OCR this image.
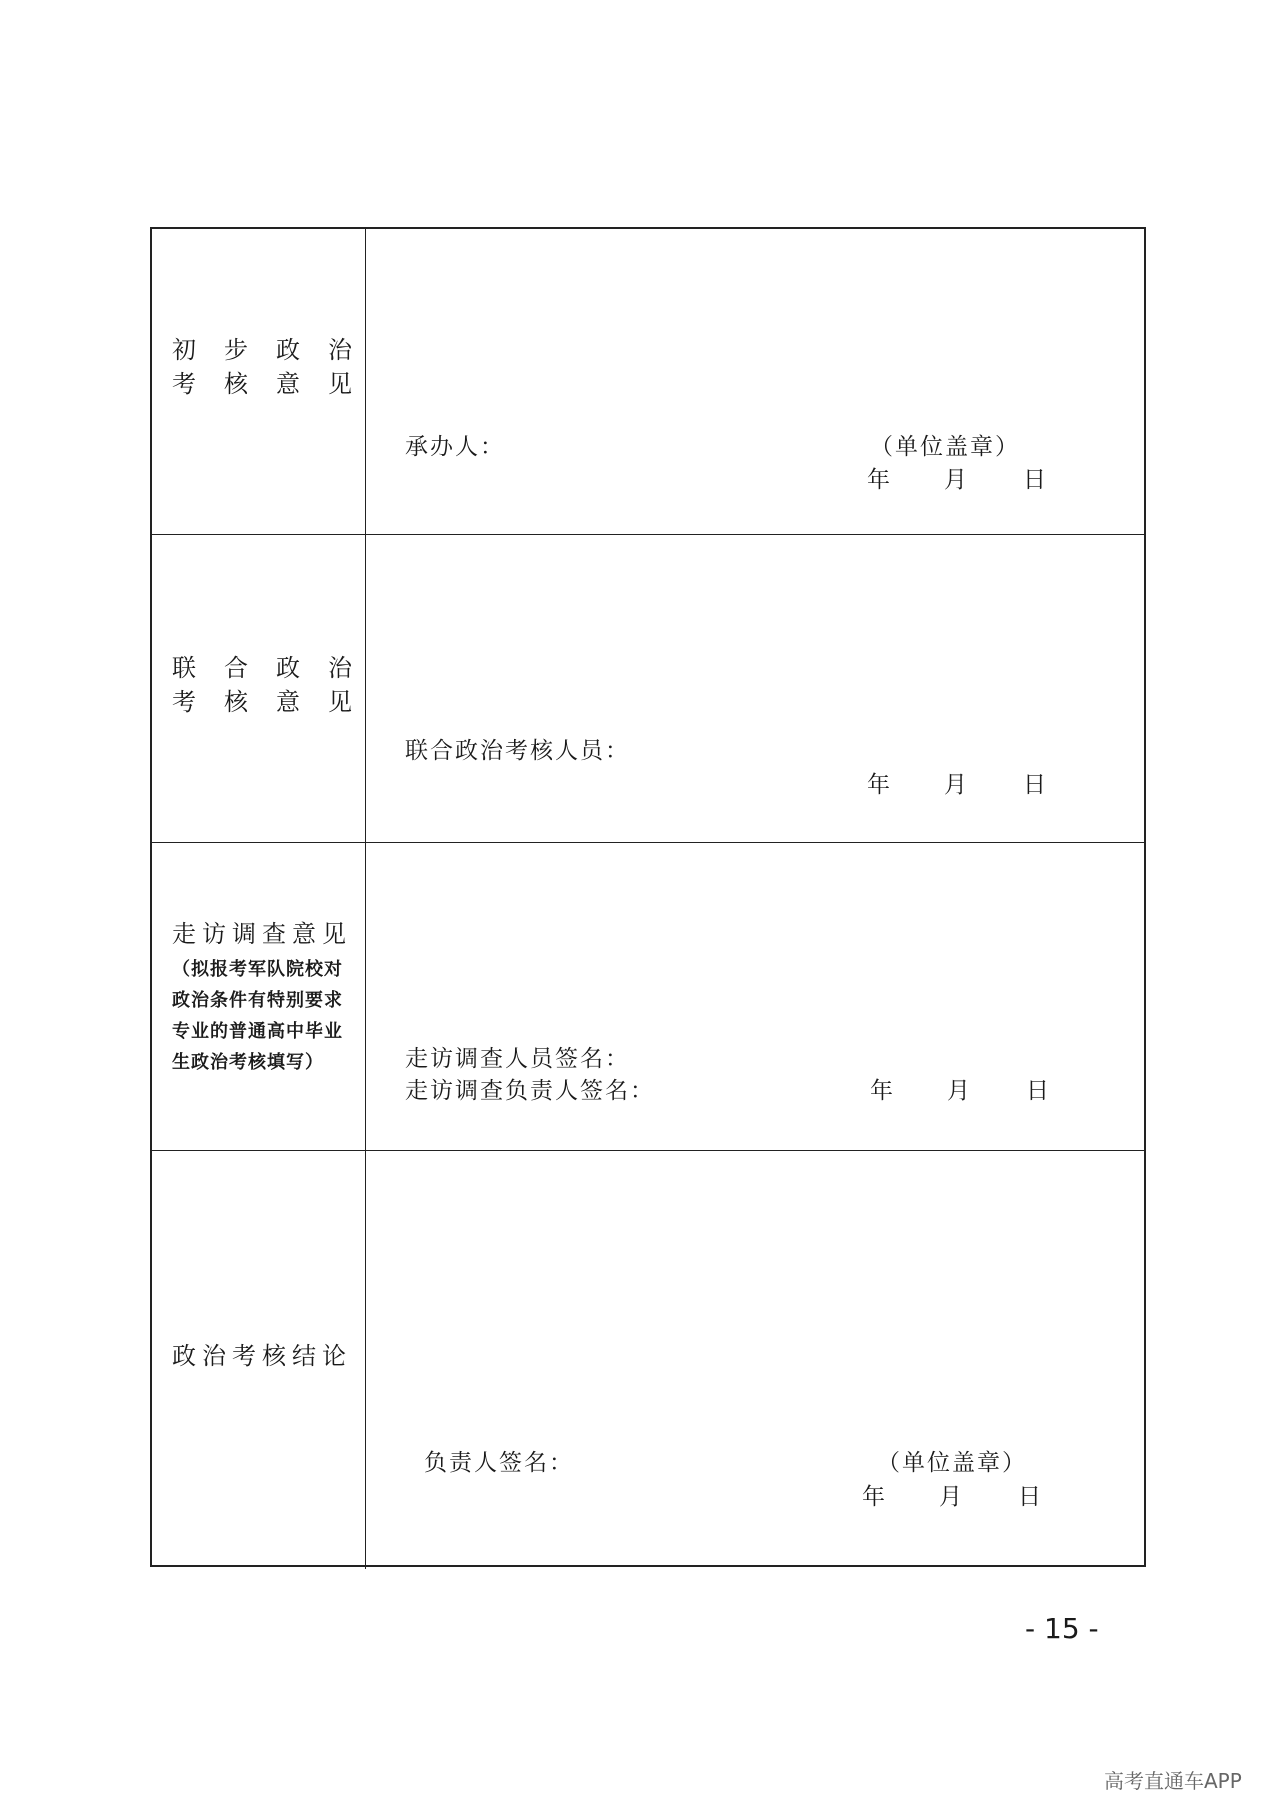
初 步 政 治
考 核 意 见
承办人：	（单位盖章）
年 月 日
联 合 政 治
考 核 意 见
联合政治考核人员：
年 月 日
走访调查意见
（拟报考军队院校对政治条件有特别要求专业的普通高中毕业生政治考核填写）	走访调查人员签名：
走访调查负责人签名：	年 月 日
政治考核结论
负责人签名：	（单位盖章）
年 月 日
- 15 -
高考直通车APP
